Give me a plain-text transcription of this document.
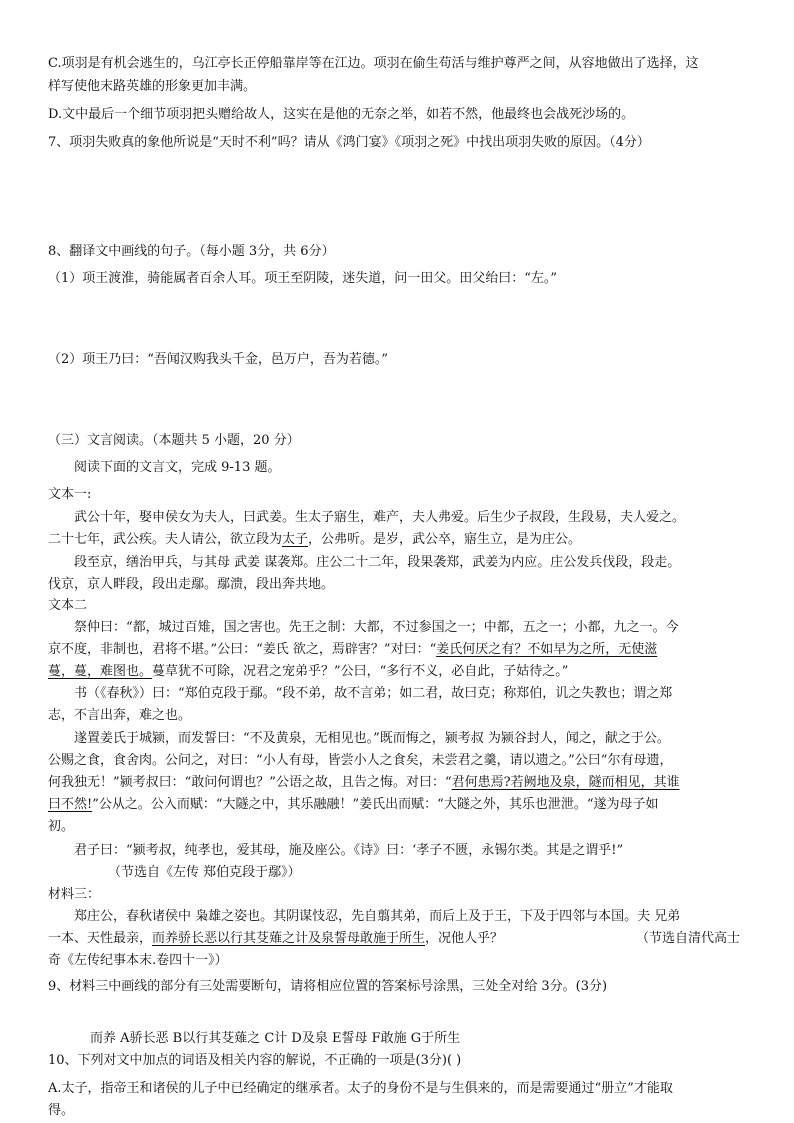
C.项羽是有机会逃生的，乌江亭长正停船靠岸等在江边。项羽在偷生苟活与维护尊严之间，从容地做出了选择，这
样写使他末路英雄的形象更加丰满。
D.文中最后一个细节项羽把头赠给故人，这实在是他的无奈之举，如若不然，他最终也会战死沙场的。
7、项羽失败真的象他所说是“天时不利”吗？请从《鸿门宴》《项羽之死》中找出项羽失败的原因。（4分）
8、翻译文中画线的句子。（每小题 3分，共 6分）
（1）项王渡淮，骑能属者百余人耳。项王至阴陵，迷失道，问一田父。田父绐曰：“左。”
（2）项王乃曰：“吾闻汉购我头千金，邑万户，吾为若德。”
（三）文言阅读。（本题共 5 小题，20 分）
阅读下面的文言文，完成 9-13 题。
文本一:
武公十年，娶申侯女为夫人，曰武姜。生太子寤生，难产，夫人弗爱。后生少子叔段，生段易，夫人爱之。
二十七年，武公疾。夫人请公，欲立段为太子，公弗听。是岁，武公卒，寤生立，是为庄公。
段至京，缮治甲兵，与其母 武姜 谋袭郑。庄公二十二年，段果袭郑，武姜为内应。庄公发兵伐段，段走。
伐京，京人畔段，段出走鄢。鄢溃，段出奔共地。
文本二
祭仲曰：“都，城过百雉，国之害也。先王之制：大都，不过参国之一；中都，五之一；小都，九之一。今
京不度，非制也，君将不堪。”公曰：“姜氏 欲之，焉辟害？”对曰：“姜氏何厌之有？不如早为之所，无使滋
蔓，蔓，难图也。蔓草犹不可除，况君之宠弟乎？”公曰，“多行不义，必自此，子姑待之。”
书（《春秋》）曰：“郑伯克段于鄢。“段不弟，故不言弟；如二君，故曰克；称郑伯，讥之失教也；谓之郑
志，不言出奔，难之也。
遂置姜氏于城颍，而发誓曰：“不及黄泉，无相见也。”既而悔之，颍考叔 为颍谷封人，闻之，献之于公。
公赐之食，食舍肉。公问之，对曰：“小人有母，皆尝小人之食矣，未尝君之羹，请以遗之。”公曰“尔有母遗，
何我独无！”颍考叔曰：“敢问何谓也？”公语之故，且告之悔。对曰：“君何患焉?若阙地及泉，隧而相见，其谁
曰不然!”公从之。公入而赋：“大隧之中，其乐融融！”姜氏出而赋：“大隧之外，其乐也泄泄。“遂为母子如
初。
君子曰：“颍考叔，纯孝也，爱其母，施及座公。《诗》曰：‘孝子不匮，永锡尔类。其是之谓乎!”
（节选自《左传 郑伯克段于鄢》）
材料三：
郑庄公，春秋诸侯中 枭雄之姿也。其阴谋忮忍，先自翦其弟，而后上及于王，下及于四邻与本国。夫 兄弟
一本、天性最亲，而养骄长恶以行其芟薙之计及泉誓母敢施于所生，况他人乎？	（节选自清代高士
奇《左传纪事本末.卷四十一》）
9、材料三中画线的部分有三处需要断句，请将相应位置的答案标号涂黑，三处全对给 3分。(3分)
而养 A骄长恶 B以行其芟薙之 C计 D及泉 E誓母 F敢施 G于所生
10、下列对文中加点的词语及相关内容的解说，不正确的一项是(3分)( )
A.太子，指帝王和诸侯的儿子中已经确定的继承者。太子的身份不是与生俱来的，而是需要通过“册立”才能取
得。
